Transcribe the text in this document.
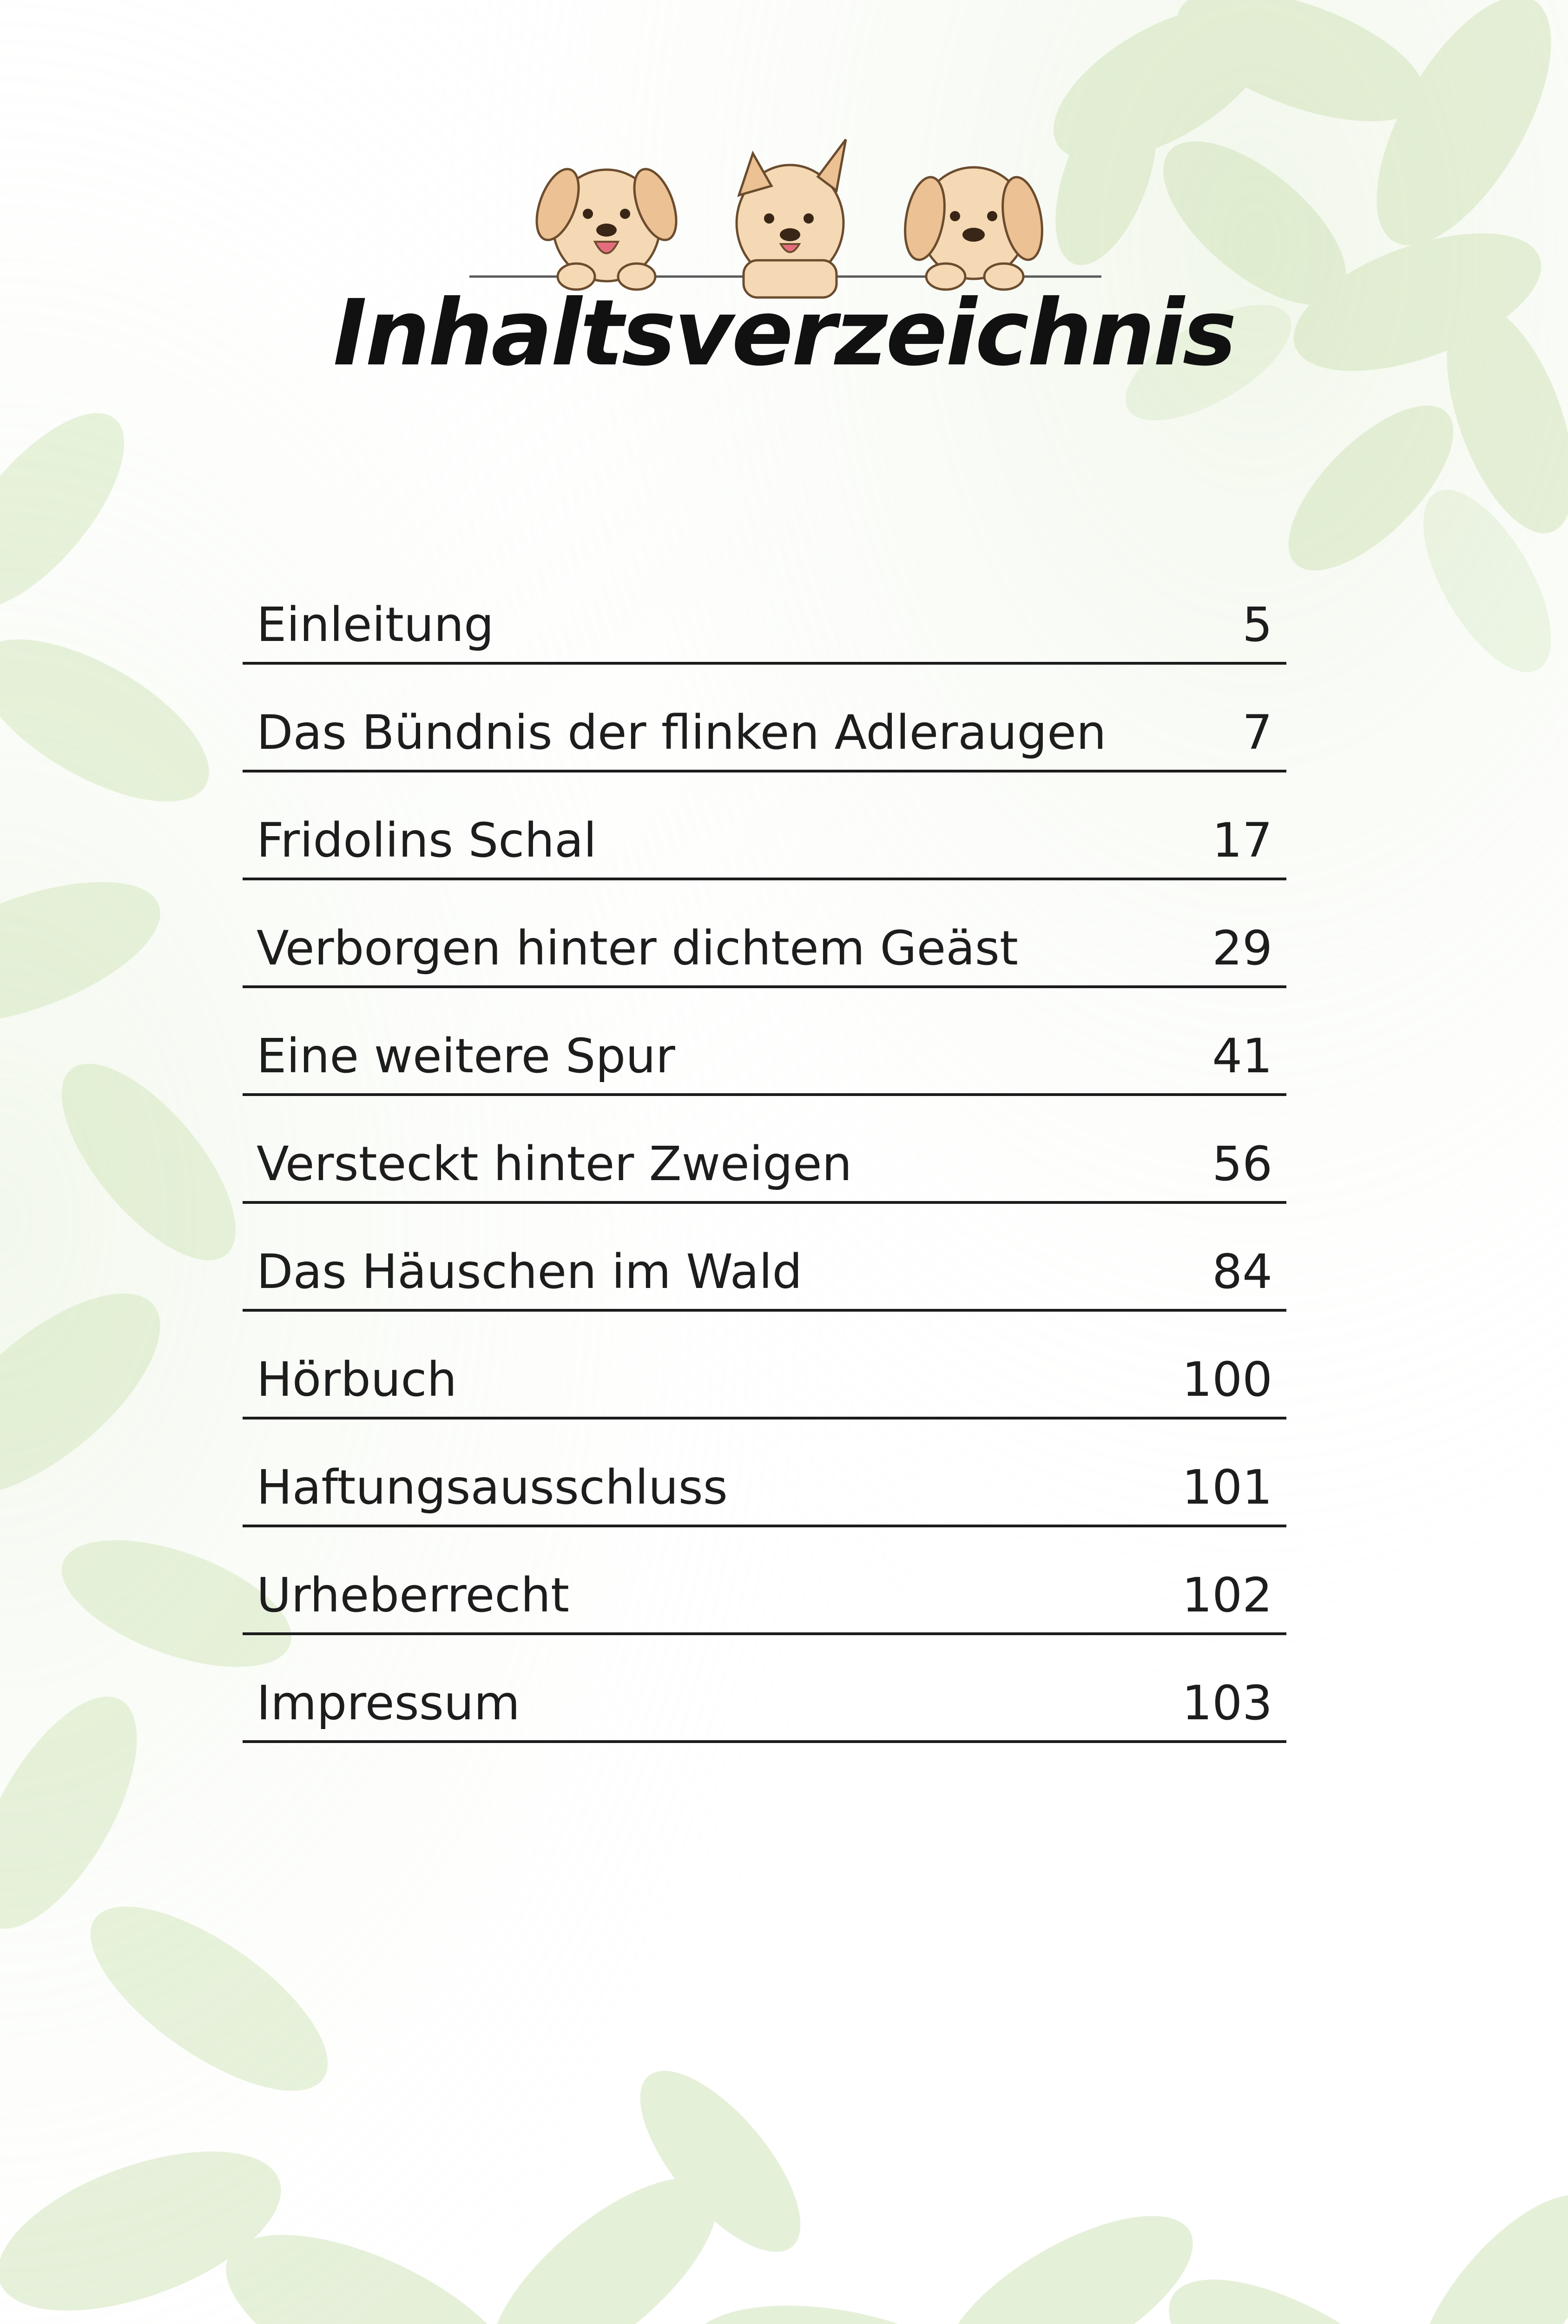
Inhaltsverzeichnis
Einleitung	5
Das Bündnis der flinken Adleraugen	7
Fridolins Schal	17
Verborgen hinter dichtem Geäst	29
Eine weitere Spur	41
Versteckt hinter Zweigen	56
Das Häuschen im Wald	84
Hörbuch	100
Haftungsausschluss	101
Urheberrecht	102
Impressum	103
